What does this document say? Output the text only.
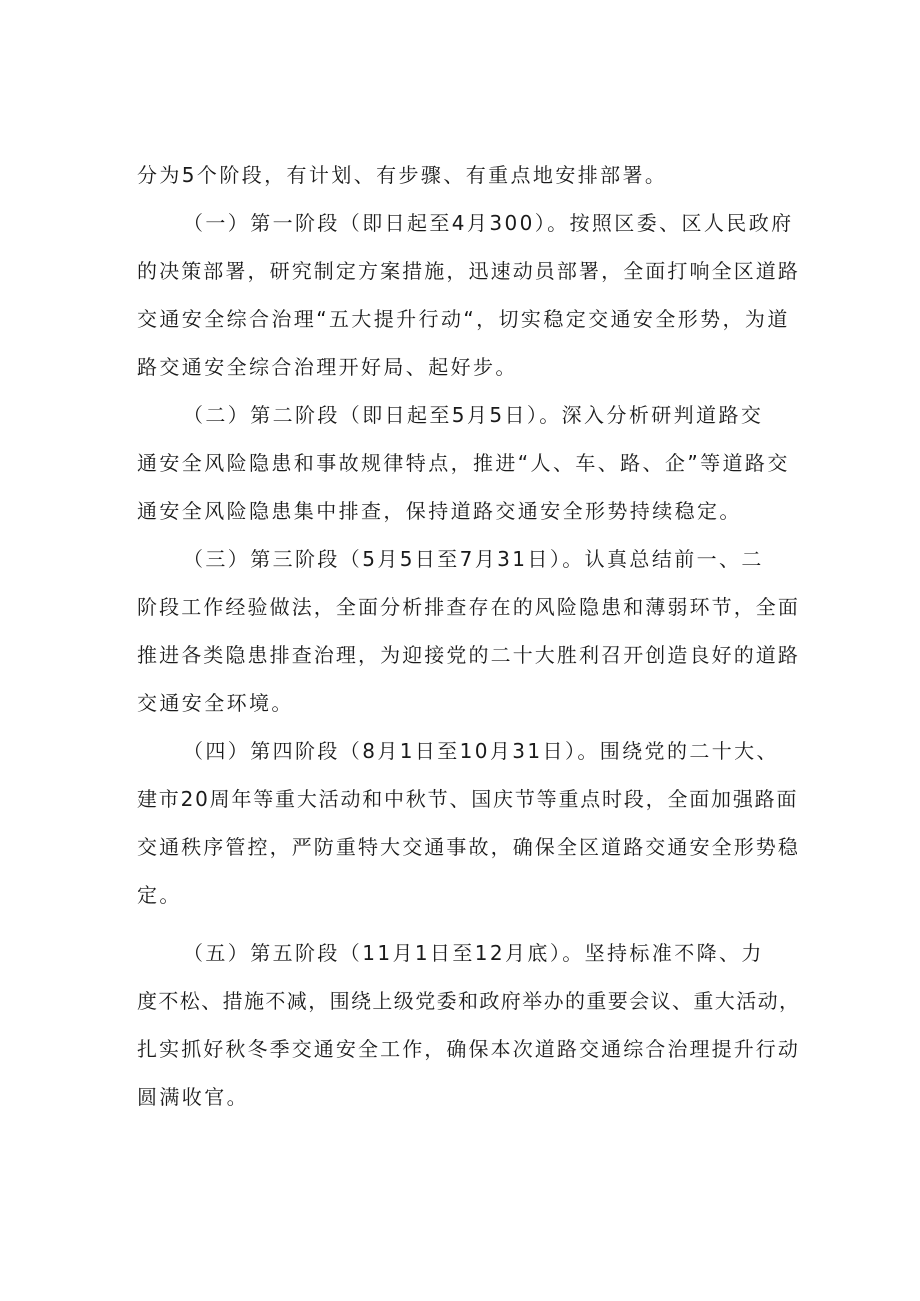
分为5个阶段，有计划、有步骤、有重点地安排部署。

（一）第一阶段（即日起至4月300）。按照区委、区人民政府

的决策部署，研究制定方案措施，迅速动员部署，全面打响全区道路

交通安全综合治理“五大提升行动“，切实稳定交通安全形势，为道

路交通安全综合治理开好局、起好步。

（二）第二阶段（即日起至5月5日）。深入分析研判道路交

通安全风险隐患和事故规律特点，推进“人、车、路、企”等道路交

通安全风险隐患集中排查，保持道路交通安全形势持续稳定。

（三）第三阶段（5月5日至7月31日）。认真总结前一、二

阶段工作经验做法，全面分析排查存在的风险隐患和薄弱环节，全面

推进各类隐患排查治理，为迎接党的二十大胜利召开创造良好的道路

交通安全环境。

（四）第四阶段（8月1日至10月31日）。围绕党的二十大、

建市20周年等重大活动和中秋节、国庆节等重点时段，全面加强路面

交通秩序管控，严防重特大交通事故，确保全区道路交通安全形势稳

定。

（五）第五阶段（11月1日至12月底）。坚持标准不降、力

度不松、措施不减，围绕上级党委和政府举办的重要会议、重大活动，

扎实抓好秋冬季交通安全工作，确保本次道路交通综合治理提升行动

圆满收官。
